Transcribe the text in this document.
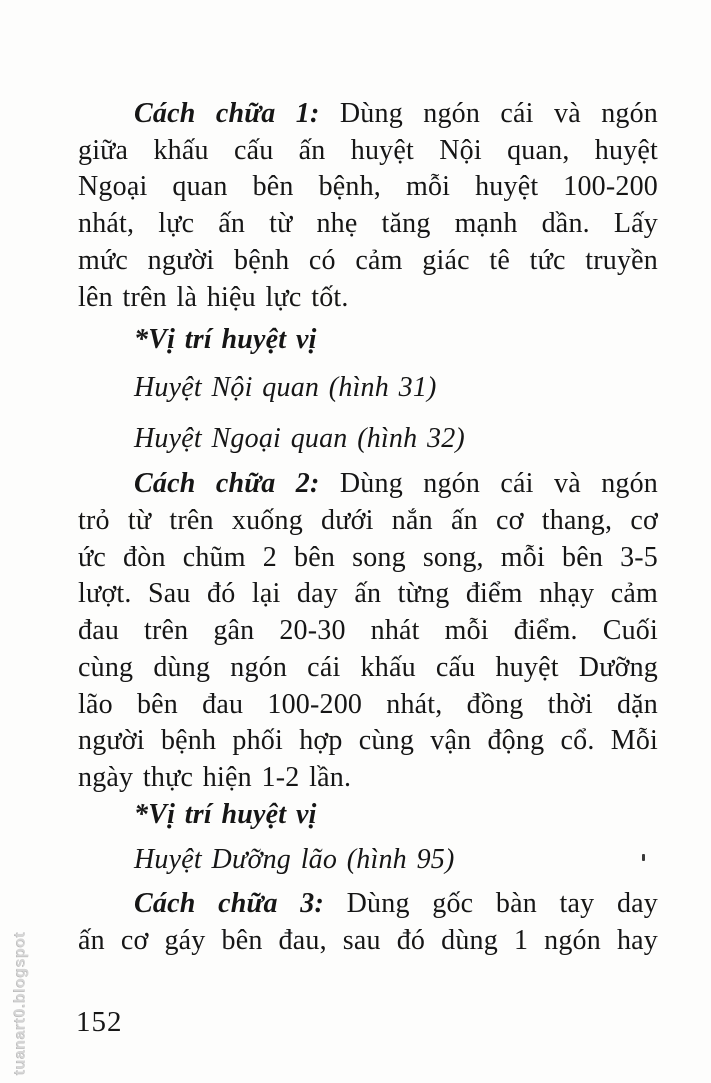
tuanart0.blogspot
Cách chữa 1: Dùng ngón cái và ngón
giữa khấu cấu ấn huyệt Nội quan, huyệt
Ngoại quan bên bệnh, mỗi huyệt 100-200
nhát, lực ấn từ nhẹ tăng mạnh dần. Lấy
mức người bệnh có cảm giác tê tức truyền
lên trên là hiệu lực tốt.
*Vị trí huyệt vị
Huyệt Nội quan (hình 31)
Huyệt Ngoại quan (hình 32)
Cách chữa 2: Dùng ngón cái và ngón
trỏ từ trên xuống dưới nắn ấn cơ thang, cơ
ức đòn chũm 2 bên song song, mỗi bên 3-5
lượt. Sau đó lại day ấn từng điểm nhạy cảm
đau trên gân 20-30 nhát mỗi điểm. Cuối
cùng dùng ngón cái khấu cấu huyệt Dưỡng
lão bên đau 100-200 nhát, đồng thời dặn
người bệnh phối hợp cùng vận động cổ. Mỗi
ngày thực hiện 1-2 lần.
*Vị trí huyệt vị
Huyệt Dưỡng lão (hình 95)
Cách chữa 3: Dùng gốc bàn tay day
ấn cơ gáy bên đau, sau đó dùng 1 ngón hay
152
